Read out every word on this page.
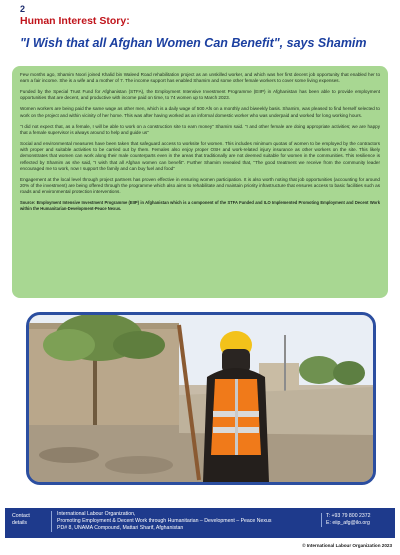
2
Human Interest Story:
"I Wish that all Afghan Women Can Benefit", says Shamim

Few months ago, Shamim Noori joined Khalid bin Waleed Road rehabilitation project as an unskilled worker, and which was her first decent job opportunity that enabled her to earn a fair income. She is a wife and a mother of 7. The income support has enabled Shamim and some other female workers to cover some living expenses.

Funded by the Special Trust Fund for Afghanistan (STFA), the Employment Intensive Investment Programme (EIIP) in Afghanistan has been able to provide employment opportunities that are decent, and productive with income paid on time, to 74 women up to March 2023.

Women workers are being paid the same wage as other men, which is a daily wage of 500 Afs on a monthly and biweekly basis. Shamim, was pleased to find herself selected to work on the project and within vicinity of her home. This was after having worked as an informal domestic worker who was underpaid and worked for long working hours.

"I did not expect that, as a female, I will be able to work on a construction site to earn money" Shamim said. "I and other female are doing appropriate activities; we are happy that a female supervisor is always around to help and guide us"

Social and environmental measures have been taken that safeguard access to worksite for women. This includes minimum quotas of women to be employed by the contractors with proper and suitable activities to be carried out by them. Females also enjoy proper OSH and work-related injury insurance as other workers on the site. This likely demonstrates that women can work along their male counterparts even in the areas that traditionally are not deemed suitable for women in the communities. This resilience is reflected by Shamim as she said, "I wish that all Afghan women can benefit". Further Shamim revealed that, "The good treatment we receive from the community leader encouraged me to work, now I support the family and can buy fuel and food"

Engagement at the local level through project partners has proven effective in ensuring women participation. It is also worth noting that job opportunities (accounting for around 20% of the investment) are being offered through the programme which also aims to rehabilitate and maintain priority infrastructure that ensures access to basic facilities such as roads and environmental protection interventions.

Source: Employment Intensive Investment Programme (EIIP) in Afghanistan which is a component of the STFA Funded and ILO Implemented Promoting Employment and Decent Work within the Humanitarian-Development-Peace Nexus.

Contact details
International Labour Organization,
Promoting Employment & Decent Work through Humanitarian – Development – Peace Nexus
PD# 8, UNAMA Compound, Mattari Sharif, Afghanistan
T: +93 79 800 2372
E: eiip_afg@ilo.org
© International Labour Organization 2023
